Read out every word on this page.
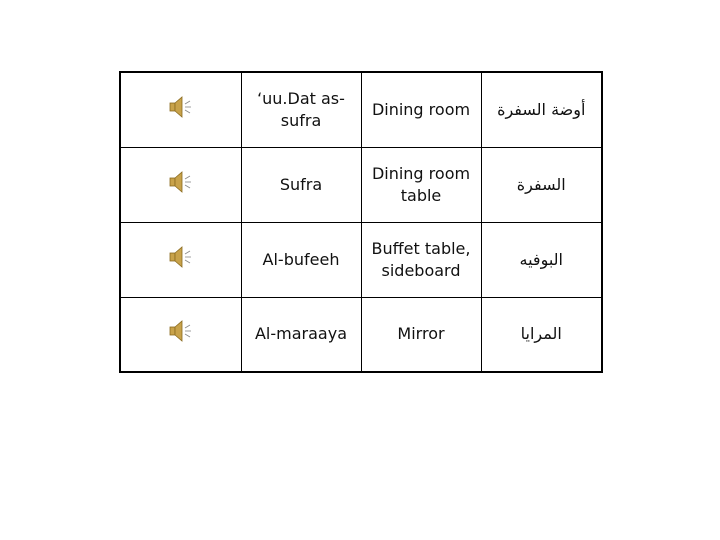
	‘uu.Dat as-sufra	Dining room	أوضة السفرة
	Sufra	Dining room table	السفرة
	Al-bufeeh	Buffet table, sideboard	البوفيه
	Al-maraaya	Mirror	المرايا
